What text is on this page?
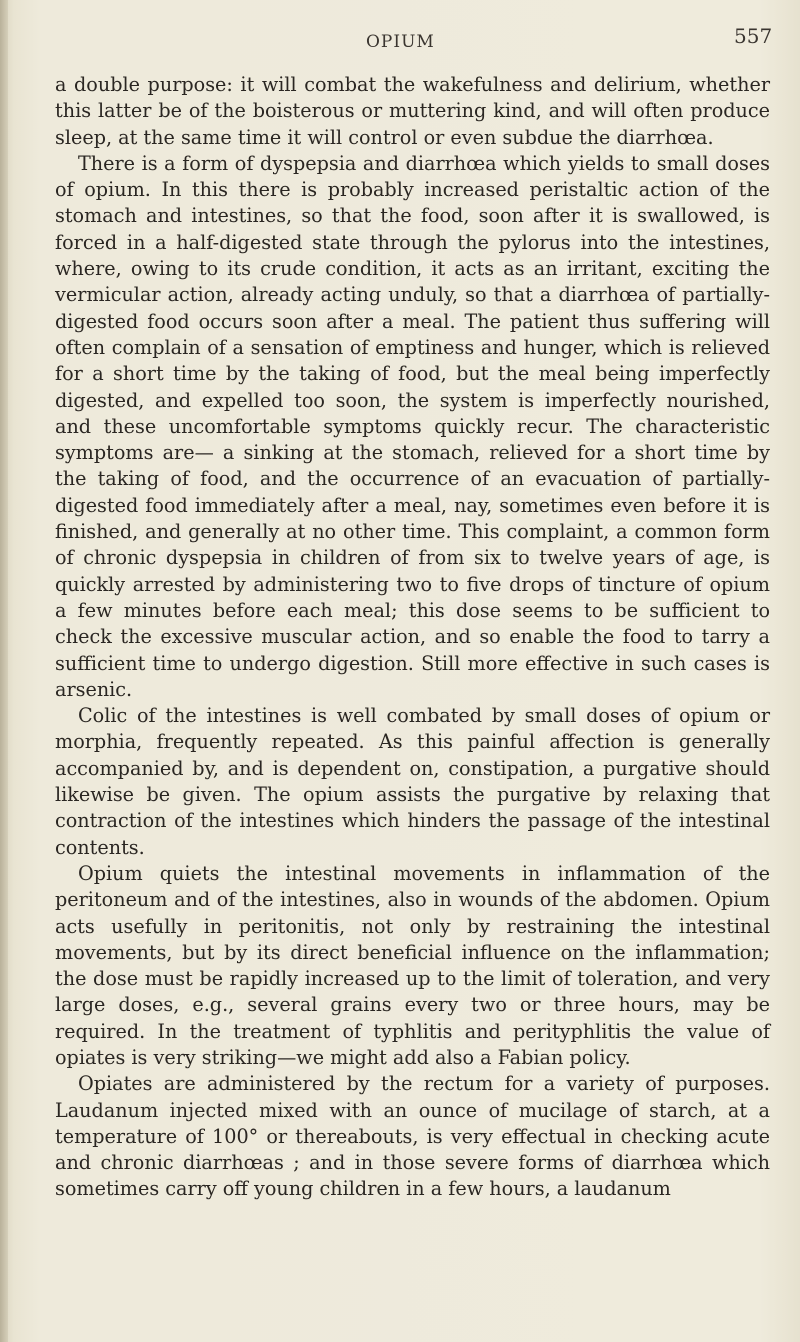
OPIUM	557

a double purpose: it will combat the wakefulness and delirium, whether this latter be of the boisterous or muttering kind, and will often produce sleep, at the same time it will control or even subdue the diarrhœa.

There is a form of dyspepsia and diarrhœa which yields to small doses of opium. In this there is probably increased peristaltic action of the stomach and intestines, so that the food, soon after it is swallowed, is forced in a half-digested state through the pylorus into the intestines, where, owing to its crude condition, it acts as an irritant, exciting the vermicular action, already acting unduly, so that a diarrhœa of partially-digested food occurs soon after a meal. The patient thus suffering will often complain of a sensation of emptiness and hunger, which is relieved for a short time by the taking of food, but the meal being imperfectly digested, and expelled too soon, the system is imperfectly nourished, and these uncomfortable symptoms quickly recur. The characteristic symptoms are— a sinking at the stomach, relieved for a short time by the taking of food, and the occurrence of an evacuation of partially-digested food immediately after a meal, nay, sometimes even before it is finished, and generally at no other time. This complaint, a common form of chronic dyspepsia in children of from six to twelve years of age, is quickly arrested by administering two to five drops of tincture of opium a few minutes before each meal; this dose seems to be sufficient to check the excessive muscular action, and so enable the food to tarry a sufficient time to undergo digestion. Still more effective in such cases is arsenic.

Colic of the intestines is well combated by small doses of opium or morphia, frequently repeated. As this painful affection is generally accompanied by, and is dependent on, constipation, a purgative should likewise be given. The opium assists the purgative by relaxing that contraction of the intestines which hinders the passage of the intestinal contents.

Opium quiets the intestinal movements in inflammation of the peritoneum and of the intestines, also in wounds of the abdomen. Opium acts usefully in peritonitis, not only by restraining the intestinal movements, but by its direct beneficial influence on the inflammation; the dose must be rapidly increased up to the limit of toleration, and very large doses, e.g., several grains every two or three hours, may be required. In the treatment of typhlitis and perityphlitis the value of opiates is very striking—we might add also a Fabian policy.

Opiates are administered by the rectum for a variety of purposes. Laudanum injected mixed with an ounce of mucilage of starch, at a temperature of 100° or thereabouts, is very effectual in checking acute and chronic diarrhœas ; and in those severe forms of diarrhœa which sometimes carry off young children in a few hours, a laudanum
